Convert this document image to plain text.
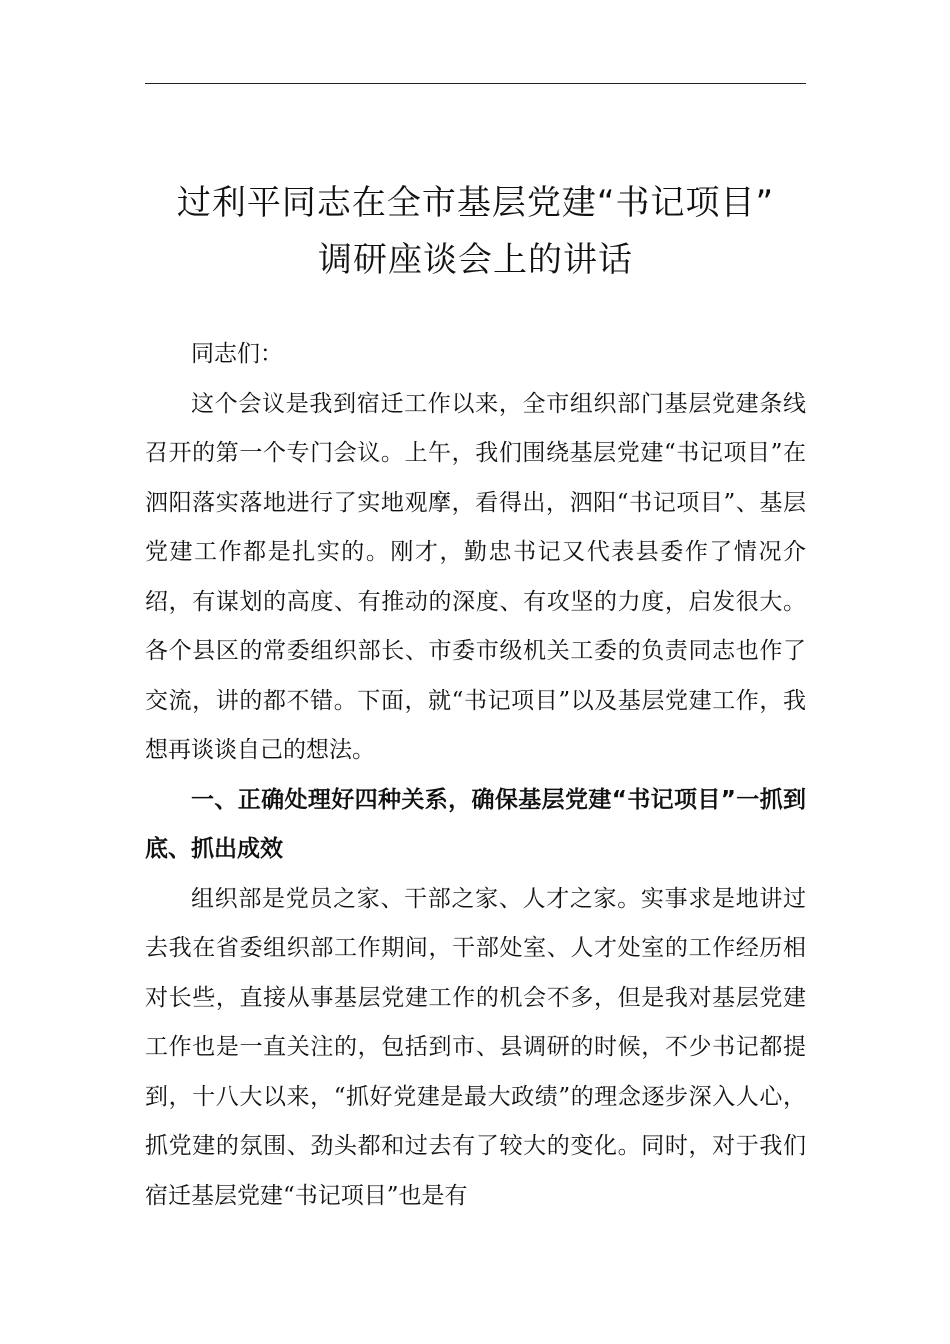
过利平同志在全市基层党建“书记项目”
调研座谈会上的讲话

同志们：

这个会议是我到宿迁工作以来，全市组织部门基层党建条线召开的第一个专门会议。上午，我们围绕基层党建“书记项目”在泗阳落实落地进行了实地观摩，看得出，泗阳“书记项目”、基层党建工作都是扎实的。刚才，勤忠书记又代表县委作了情况介绍，有谋划的高度、有推动的深度、有攻坚的力度，启发很大。各个县区的常委组织部长、市委市级机关工委的负责同志也作了交流，讲的都不错。下面，就“书记项目”以及基层党建工作，我想再谈谈自己的想法。

一、正确处理好四种关系，确保基层党建“书记项目”一抓到底、抓出成效

组织部是党员之家、干部之家、人才之家。实事求是地讲过去我在省委组织部工作期间，干部处室、人才处室的工作经历相对长些，直接从事基层党建工作的机会不多，但是我对基层党建工作也是一直关注的，包括到市、县调研的时候，不少书记都提到，十八大以来，“抓好党建是最大政绩”的理念逐步深入人心，抓党建的氛围、劲头都和过去有了较大的变化。同时，对于我们宿迁基层党建“书记项目”也是有
